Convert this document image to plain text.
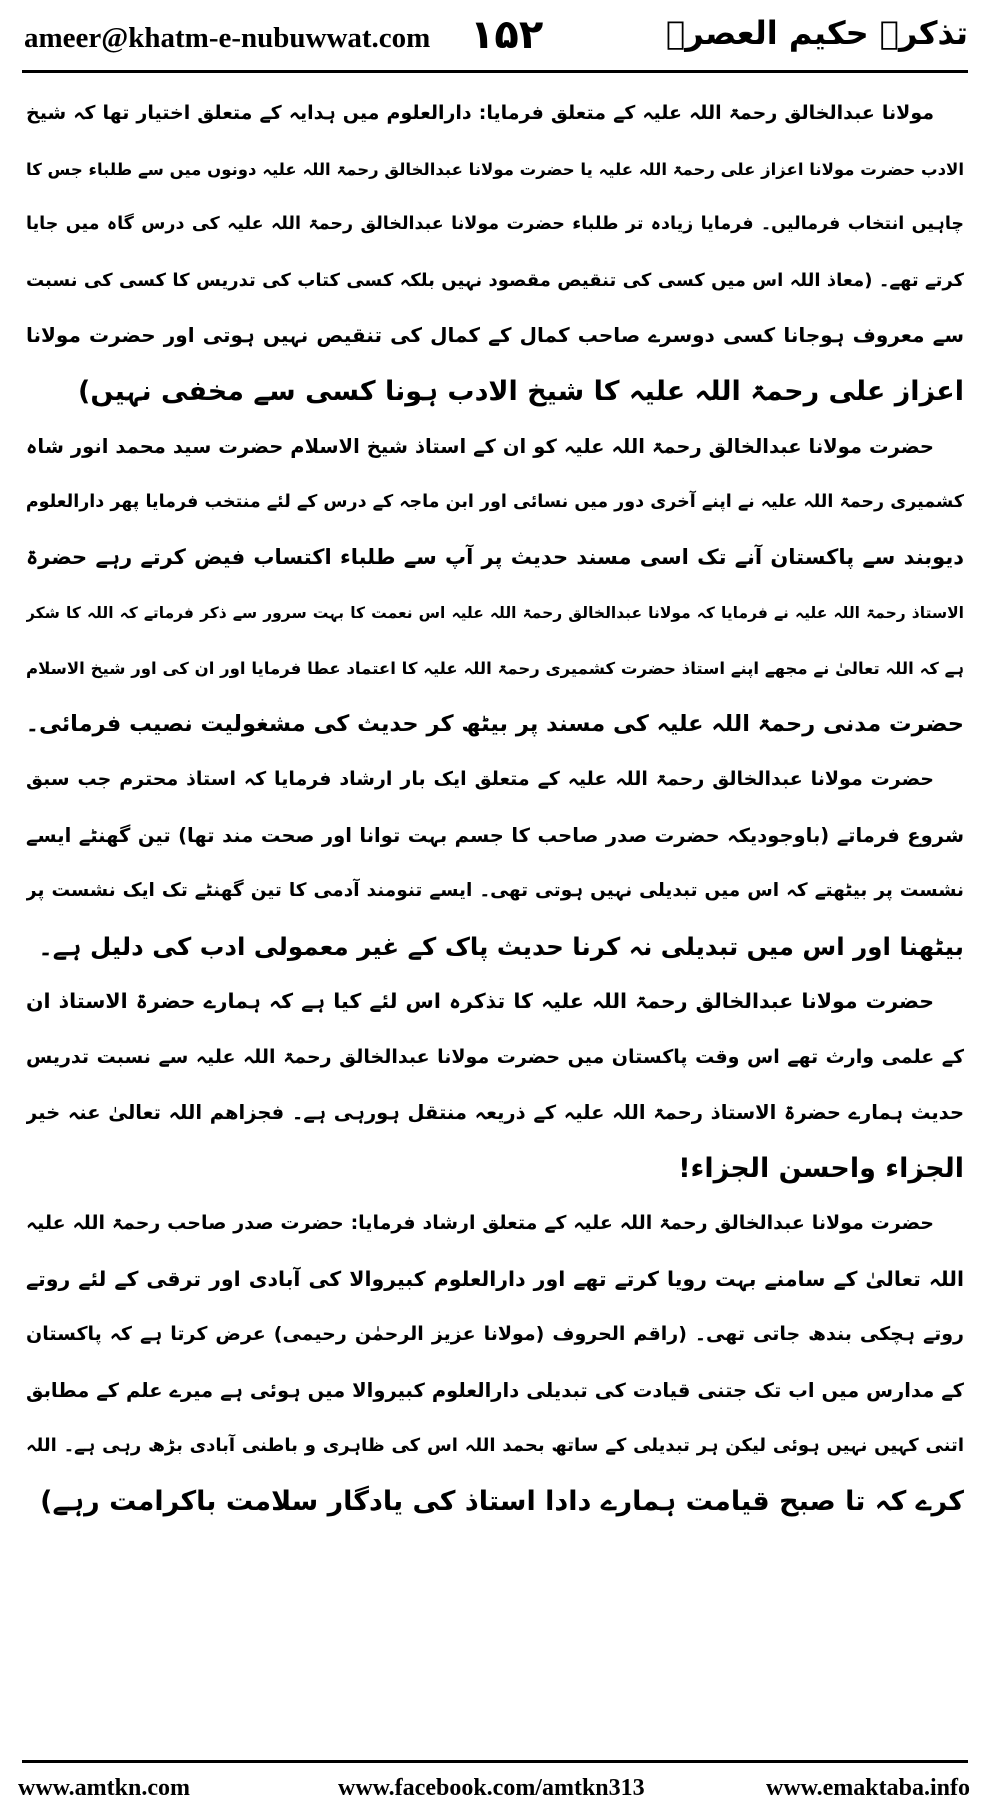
ameer@khatm-e-nubuwwat.com ۱۵۲	تذکرہ حکیم العصرؒ
مولانا عبدالخالق رحمۃ اللہ علیہ کے متعلق فرمایا: دارالعلوم میں ہدایہ کے متعلق اختیار تھا کہ شیخ
الادب حضرت مولانا اعزاز علی رحمۃ اللہ علیہ یا حضرت مولانا عبدالخالق رحمۃ اللہ علیہ دونوں میں سے طلباء جس کا
چاہیں انتخاب فرمالیں۔ فرمایا زیادہ تر طلباء حضرت مولانا عبدالخالق رحمۃ اللہ علیہ کی درس گاہ میں جایا
کرتے تھے۔ (معاذ اللہ اس میں کسی کی تنقیص مقصود نہیں بلکہ کسی کتاب کی تدریس کا کسی کی نسبت
سے معروف ہوجانا کسی دوسرے صاحب کمال کے کمال کی تنقیص نہیں ہوتی اور حضرت مولانا
اعزاز علی رحمۃ اللہ علیہ کا شیخ الادب ہونا کسی سے مخفی نہیں)
حضرت مولانا عبدالخالق رحمۃ اللہ علیہ کو ان کے استاذ شیخ الاسلام حضرت سید محمد انور شاہ
کشمیری رحمۃ اللہ علیہ نے اپنے آخری دور میں نسائی اور ابن ماجہ کے درس کے لئے منتخب فرمایا پھر دارالعلوم
دیوبند سے پاکستان آنے تک اسی مسند حدیث پر آپ سے طلباء اکتساب فیض کرتے رہے حضرۃ
الاستاذ رحمۃ اللہ علیہ نے فرمایا کہ مولانا عبدالخالق رحمۃ اللہ علیہ اس نعمت کا بہت سرور سے ذکر فرماتے کہ اللہ کا شکر
ہے کہ اللہ تعالیٰ نے مجھے اپنے استاذ حضرت کشمیری رحمۃ اللہ علیہ کا اعتماد عطا فرمایا اور ان کی اور شیخ الاسلام
حضرت مدنی رحمۃ اللہ علیہ کی مسند پر بیٹھ کر حدیث کی مشغولیت نصیب فرمائی۔
حضرت مولانا عبدالخالق رحمۃ اللہ علیہ کے متعلق ایک بار ارشاد فرمایا کہ استاذ محترم جب سبق
شروع فرماتے (باوجودیکہ حضرت صدر صاحب کا جسم بہت توانا اور صحت مند تھا) تین گھنٹے ایسے
نشست پر بیٹھتے کہ اس میں تبدیلی نہیں ہوتی تھی۔ ایسے تنومند آدمی کا تین گھنٹے تک ایک نشست پر
بیٹھنا اور اس میں تبدیلی نہ کرنا حدیث پاک کے غیر معمولی ادب کی دلیل ہے۔
حضرت مولانا عبدالخالق رحمۃ اللہ علیہ کا تذکرہ اس لئے کیا ہے کہ ہمارے حضرۃ الاستاذ ان
کے علمی وارث تھے اس وقت پاکستان میں حضرت مولانا عبدالخالق رحمۃ اللہ علیہ سے نسبت تدریس
حدیث ہمارے حضرۃ الاستاذ رحمۃ اللہ علیہ کے ذریعہ منتقل ہورہی ہے۔ فجزاھم اللہ تعالیٰ عنہ خیر
الجزاء واحسن الجزاء!
حضرت مولانا عبدالخالق رحمۃ اللہ علیہ کے متعلق ارشاد فرمایا: حضرت صدر صاحب رحمۃ اللہ علیہ
اللہ تعالیٰ کے سامنے بہت رویا کرتے تھے اور دارالعلوم کبیروالا کی آبادی اور ترقی کے لئے روتے
روتے ہچکی بندھ جاتی تھی۔ (راقم الحروف (مولانا عزیز الرحمٰن رحیمی) عرض کرتا ہے کہ پاکستان
کے مدارس میں اب تک جتنی قیادت کی تبدیلی دارالعلوم کبیروالا میں ہوئی ہے میرے علم کے مطابق
اتنی کہیں نہیں ہوئی لیکن ہر تبدیلی کے ساتھ بحمد اللہ اس کی ظاہری و باطنی آبادی بڑھ رہی ہے۔ اللہ
کرے کہ تا صبح قیامت ہمارے دادا استاذ کی یادگار سلامت باکرامت رہے)
www.amtkn.com	www.facebook.com/amtkn313	www.emaktaba.info
